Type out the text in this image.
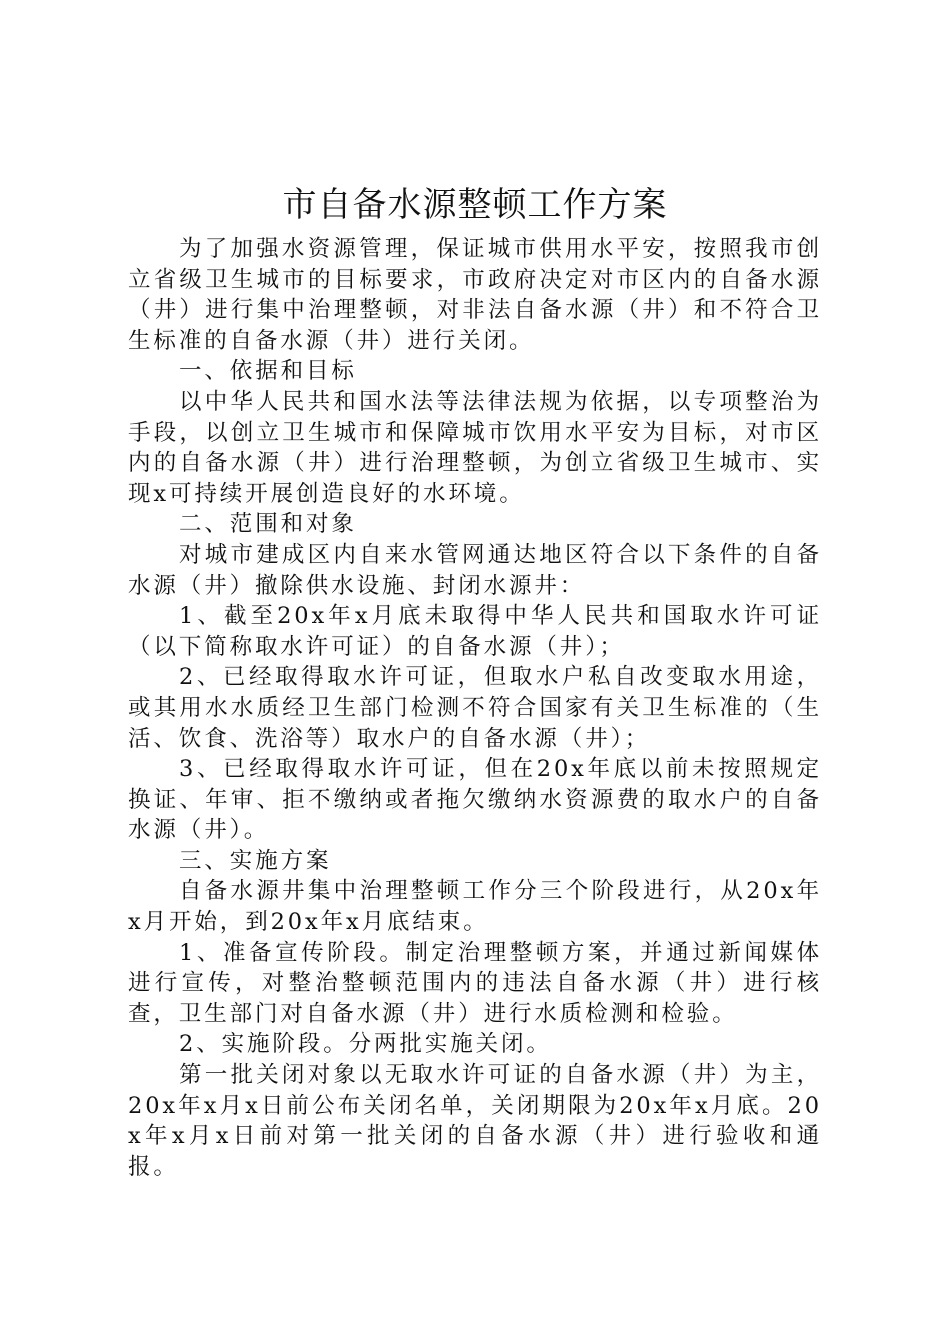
市自备水源整顿工作方案

为了加强水资源管理，保证城市供用水平安，按照我市创立省级卫生城市的目标要求，市政府决定对市区内的自备水源（井）进行集中治理整顿，对非法自备水源（井）和不符合卫生标准的自备水源（井）进行关闭。

一、依据和目标

以中华人民共和国水法等法律法规为依据，以专项整治为手段，以创立卫生城市和保障城市饮用水平安为目标，对市区内的自备水源（井）进行治理整顿，为创立省级卫生城市、实现x可持续开展创造良好的水环境。

二、范围和对象

对城市建成区内自来水管网通达地区符合以下条件的自备水源（井）撤除供水设施、封闭水源井：

1、截至20x年x月底未取得中华人民共和国取水许可证（以下简称取水许可证）的自备水源（井）；

2、已经取得取水许可证，但取水户私自改变取水用途，或其用水水质经卫生部门检测不符合国家有关卫生标准的（生活、饮食、洗浴等）取水户的自备水源（井）；

3、已经取得取水许可证，但在20x年底以前未按照规定换证、年审、拒不缴纳或者拖欠缴纳水资源费的取水户的自备水源（井）。

三、实施方案

自备水源井集中治理整顿工作分三个阶段进行，从20x年x月开始，到20x年x月底结束。

1、准备宣传阶段。制定治理整顿方案，并通过新闻媒体进行宣传，对整治整顿范围内的违法自备水源（井）进行核查，卫生部门对自备水源（井）进行水质检测和检验。

2、实施阶段。分两批实施关闭。

第一批关闭对象以无取水许可证的自备水源（井）为主，20x年x月x日前公布关闭名单，关闭期限为20x年x月底。20x年x月x日前对第一批关闭的自备水源（井）进行验收和通报。
